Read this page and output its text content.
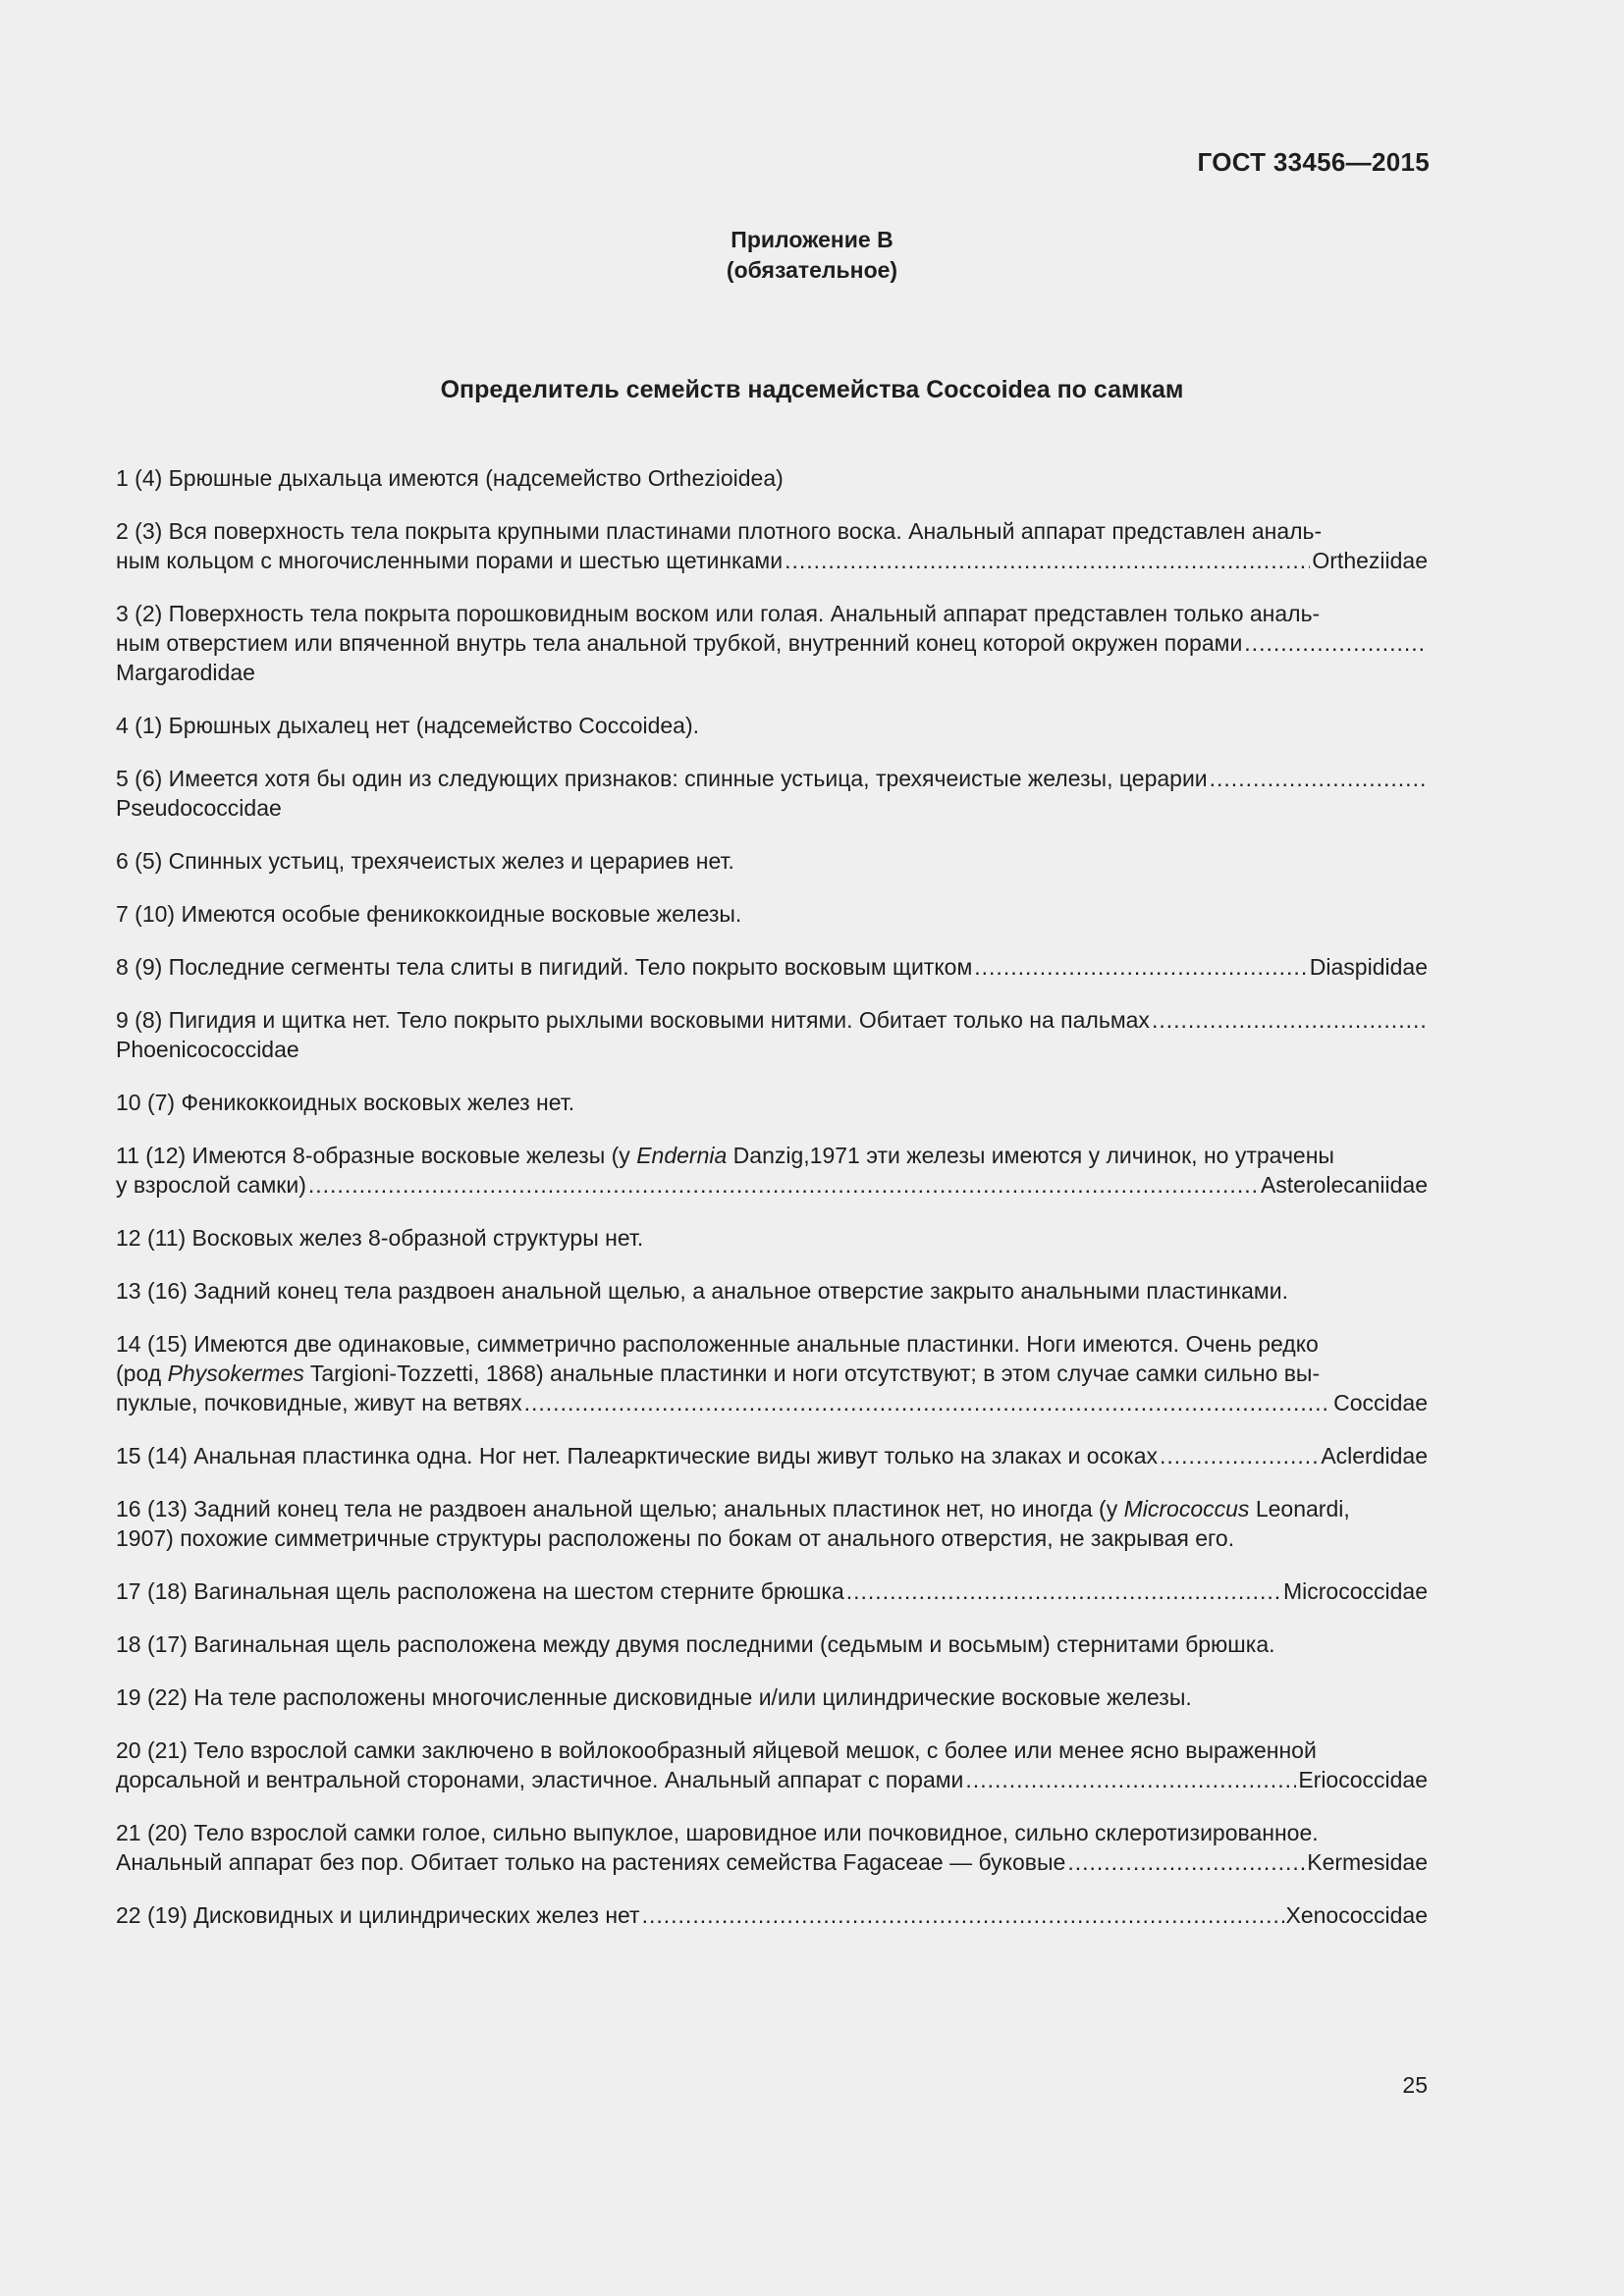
ГОСТ 33456—2015
Приложение В
(обязательное)
Определитель семейств надсемейства Coccoidea по самкам
1 (4) Брюшные дыхальца имеются (надсемейство Orthezioidea)
2 (3) Вся поверхность тела покрыта крупными пластинами плотного воска. Анальный аппарат представлен аналь-
ным кольцом с многочисленными порами и шестью щетинками .....	Ortheziidae
3 (2) Поверхность тела покрыта порошковидным воском или голая. Анальный аппарат представлен только аналь-
ным отверстием или впяченной внутрь тела анальной трубкой, внутренний конец которой окружен порами
.....
Margarodidae
4 (1) Брюшных дыхалец нет (надсемейство Coccoidea).
5 (6) Имеется хотя бы один из следующих признаков: спинные устьица, трехячеистые железы, церарии
.....
Pseudococcidae
6 (5) Спинных устьиц, трехячеистых желез и церариев нет.
7 (10) Имеются особые феникоккоидные восковые железы.
8 (9) Последние сегменты тела слиты в пигидий. Тело покрыто восковым щитком .....	Diaspididae
9 (8) Пигидия и щитка нет. Тело покрыто рыхлыми восковыми нитями. Обитает только на пальмах
.....
Phoenicococcidae
10 (7) Феникоккоидных восковых желез нет.
11 (12) Имеются 8-образные восковые железы (у Endernia Danzig,1971 эти железы имеются у личинок, но утрачены
у взрослой самки) .....	Asterolecaniidae
12 (11) Восковых желез 8-образной структуры нет.
13 (16) Задний конец тела раздвоен анальной щелью, а анальное отверстие закрыто анальными пластинками.
14 (15) Имеются две одинаковые, симметрично расположенные анальные пластинки. Ноги имеются. Очень редко
(род Physokermes Targioni-Tozzetti, 1868) анальные пластинки и ноги отсутствуют; в этом случае самки сильно вы-
пуклые, почковидные, живут на ветвях .....	Coccidae
15 (14) Анальная пластинка одна. Ног нет. Палеарктические виды живут только на злаках и осоках .....	Aclerdidae
16 (13) Задний конец тела не раздвоен анальной щелью; анальных пластинок нет, но иногда (у Micrococcus Leonardi,
1907) похожие симметричные структуры расположены по бокам от анального отверстия, не закрывая его.
17 (18) Вагинальная щель расположена на шестом стерните брюшка .....	Micrococcidae
18 (17) Вагинальная щель расположена между двумя последними (седьмым и восьмым) стернитами брюшка.
19 (22) На теле расположены многочисленные дисковидные и/или цилиндрические восковые железы.
20 (21) Тело взрослой самки заключено в войлокообразный яйцевой мешок, с более или менее ясно выраженной
дорсальной и вентральной сторонами, эластичное. Анальный аппарат с порами .....	Eriococcidae
21 (20) Тело взрослой самки голое, сильно выпуклое, шаровидное или почковидное, сильно склеротизированное.
Анальный аппарат без пор. Обитает только на растениях семейства Fagaceae — буковые .....	Kermesidae
22 (19) Дисковидных и цилиндрических желез нет .....	Xenococcidae
25
